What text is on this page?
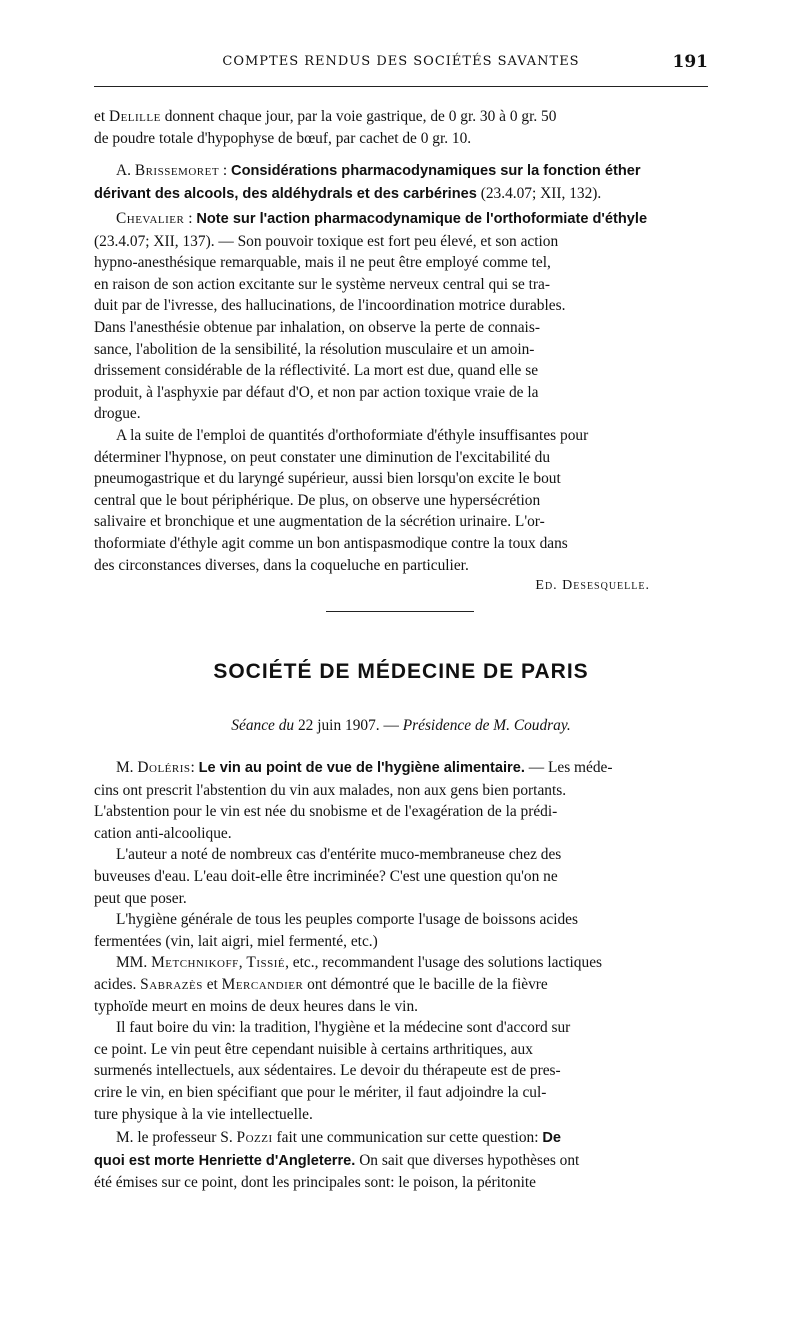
COMPTES RENDUS DES SOCIÉTÉS SAVANTES	191

et Delille donnent chaque jour, par la voie gastrique, de 0 gr. 30 à 0 gr. 50

de poudre totale d'hypophyse de bœuf, par cachet de 0 gr. 10.

A. Brissemoret : Considérations pharmacodynamiques sur la fonction éther

dérivant des alcools, des aldéhydrals et des carbérines (23.4.07; XII, 132).

Chevalier : Note sur l'action pharmacodynamique de l'orthoformiate d'éthyle

(23.4.07; XII, 137). — Son pouvoir toxique est fort peu élevé, et son action

hypno-anesthésique remarquable, mais il ne peut être employé comme tel,

en raison de son action excitante sur le système nerveux central qui se tra-

duit par de l'ivresse, des hallucinations, de l'incoordination motrice durables.

Dans l'anesthésie obtenue par inhalation, on observe la perte de connais-

sance, l'abolition de la sensibilité, la résolution musculaire et un amoin-

drissement considérable de la réflectivité. La mort est due, quand elle se

produit, à l'asphyxie par défaut d'O, et non par action toxique vraie de la

drogue.

A la suite de l'emploi de quantités d'orthoformiate d'éthyle insuffisantes pour

déterminer l'hypnose, on peut constater une diminution de l'excitabilité du

pneumogastrique et du laryngé supérieur, aussi bien lorsqu'on excite le bout

central que le bout périphérique. De plus, on observe une hypersécrétion

salivaire et bronchique et une augmentation de la sécrétion urinaire. L'or-

thoformiate d'éthyle agit comme un bon antispasmodique contre la toux dans

des circonstances diverses, dans la coqueluche en particulier.

Ed. Desesquelle.
SOCIÉTÉ DE MÉDECINE DE PARIS
Séance du 22 juin 1907. — Présidence de M. Coudray.

M. Doléris: Le vin au point de vue de l'hygiène alimentaire. — Les méde-

cins ont prescrit l'abstention du vin aux malades, non aux gens bien portants.

L'abstention pour le vin est née du snobisme et de l'exagération de la prédi-

cation anti-alcoolique.

L'auteur a noté de nombreux cas d'entérite muco-membraneuse chez des

buveuses d'eau. L'eau doit-elle être incriminée? C'est une question qu'on ne

peut que poser.

L'hygiène générale de tous les peuples comporte l'usage de boissons acides

fermentées (vin, lait aigri, miel fermenté, etc.)

MM. Metchnikoff, Tissié, etc., recommandent l'usage des solutions lactiques

acides. Sabrazès et Mercandier ont démontré que le bacille de la fièvre

typhoïde meurt en moins de deux heures dans le vin.

Il faut boire du vin: la tradition, l'hygiène et la médecine sont d'accord sur

ce point. Le vin peut être cependant nuisible à certains arthritiques, aux

surmenés intellectuels, aux sédentaires. Le devoir du thérapeute est de pres-

crire le vin, en bien spécifiant que pour le mériter, il faut adjoindre la cul-

ture physique à la vie intellectuelle.

M. le professeur S. Pozzi fait une communication sur cette question: De

quoi est morte Henriette d'Angleterre. On sait que diverses hypothèses ont

été émises sur ce point, dont les principales sont: le poison, la péritonite
